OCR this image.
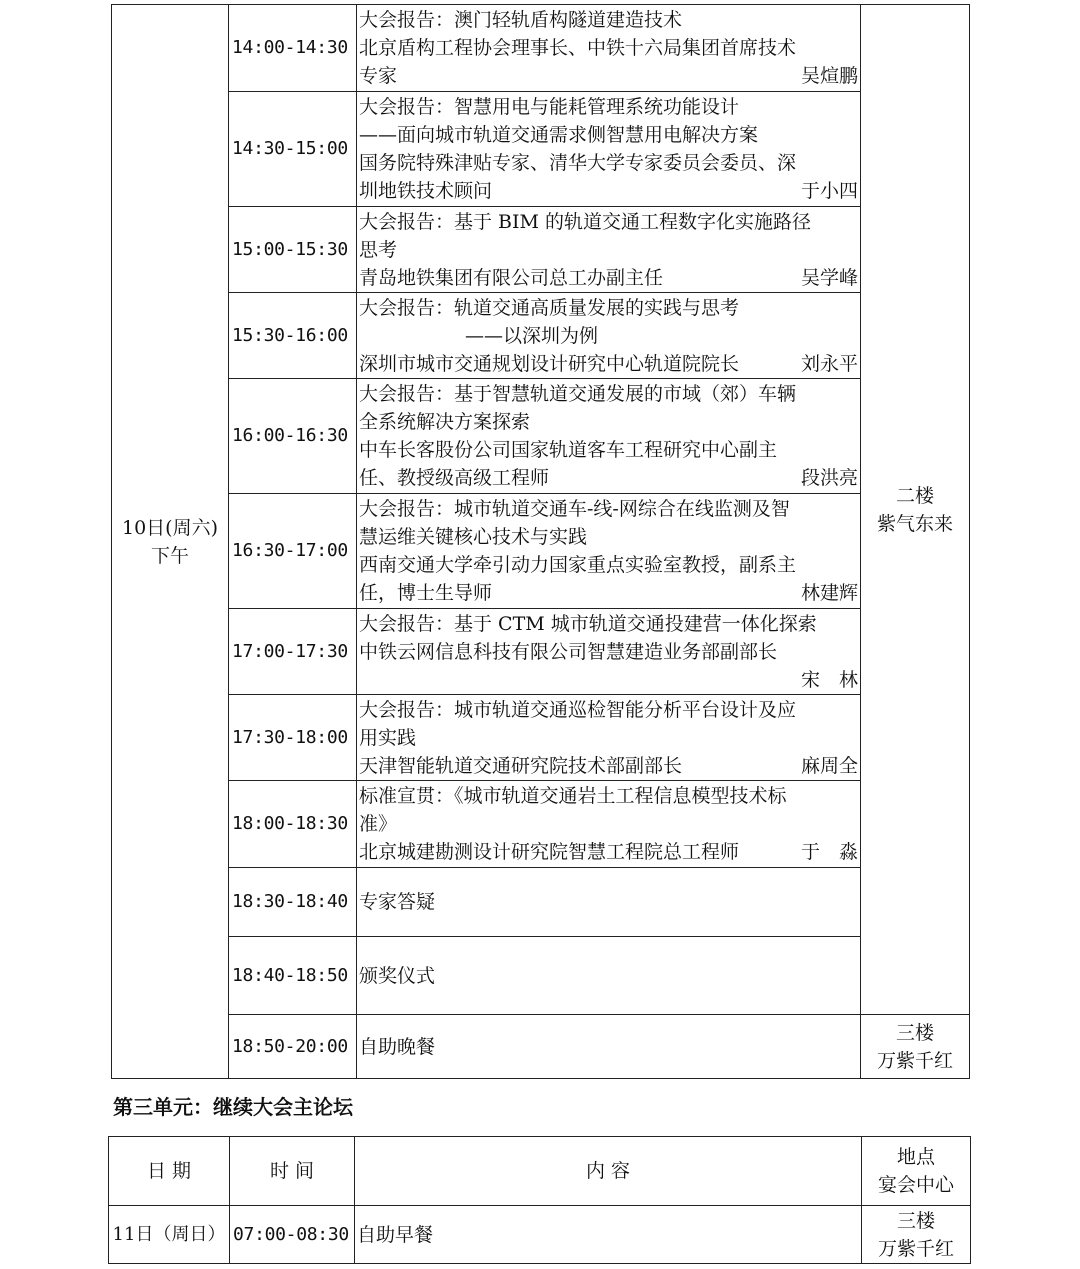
10日(周六)
下午	14:00-14:30	大会报告：澳门轻轨盾构隧道建造技术
北京盾构工程协会理事长、中铁十六局集团首席技术
专家 吴煊鹏	二楼
紫气东来

	14:30-15:00	大会报告：智慧用电与能耗管理系统功能设计
——面向城市轨道交通需求侧智慧用电解决方案
国务院特殊津贴专家、清华大学专家委员会委员、深
圳地铁技术顾问 于小四	

	15:00-15:30	大会报告：基于 BIM 的轨道交通工程数字化实施路径
思考
青岛地铁集团有限公司总工办副主任 吴学峰	

	15:30-16:00	大会报告：轨道交通高质量发展的实践与思考
——以深圳为例
深圳市城市交通规划设计研究中心轨道院院长 刘永平	

	16:00-16:30	大会报告：基于智慧轨道交通发展的市域（郊）车辆
全系统解决方案探索
中车长客股份公司国家轨道客车工程研究中心副主
任、教授级高级工程师 段洪亮	

	16:30-17:00	大会报告：城市轨道交通车-线-网综合在线监测及智
慧运维关键核心技术与实践
西南交通大学牵引动力国家重点实验室教授，副系主
任，博士生导师 林建辉	

	17:00-17:30	大会报告：基于 CTM 城市轨道交通投建营一体化探索
中铁云网信息科技有限公司智慧建造业务部副部长
宋　林	

	17:30-18:00	大会报告：城市轨道交通巡检智能分析平台设计及应
用实践
天津智能轨道交通研究院技术部副部长 麻周全	

	18:00-18:30	标准宣贯：《城市轨道交通岩土工程信息模型技术标
准》
北京城建勘测设计研究院智慧工程院总工程师 于　淼	

	18:30-18:40	专家答疑	

	18:40-18:50	颁奖仪式	

	18:50-20:00	自助晚餐	三楼
万紫千红
第三单元：继续大会主论坛
日 期	时 间	内 容	地点
宴会中心

11日（周日）	07:00-08:30	自助早餐	三楼
万紫千红
